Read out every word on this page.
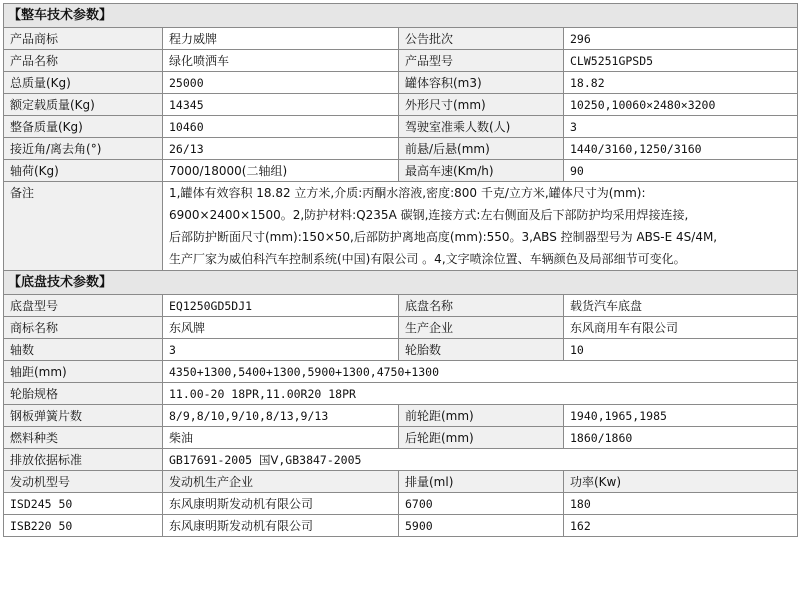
【整车技术参数】			
产品商标	程力威牌	公告批次	296
产品名称	绿化喷洒车	产品型号	CLW5251GPSD5
总质量(Kg)	25000	罐体容积(m3)	18.82
额定载质量(Kg)	14345	外形尺寸(mm)	10250,10060×2480×3200
整备质量(Kg)	10460	驾驶室准乘人数(人)	3
接近角/离去角(°)	26/13	前悬/后悬(mm)	1440/3160,1250/3160
轴荷(Kg)	7000/18000(二轴组)	最高车速(Km/h)	90
备注	1,罐体有效容积 18.82 立方米,介质:丙酮水溶液,密度:800 千克/立方米,罐体尺寸为(mm):
6900×2400×1500。2,防护材料:Q235A 碳钢,连接方式:左右侧面及后下部防护均采用焊接连接,
后部防护断面尺寸(mm):150×50,后部防护离地高度(mm):550。3,ABS 控制器型号为 ABS-E 4S/4M,
生产厂家为威伯科汽车控制系统(中国)有限公司 。4,文字喷涂位置、车辆颜色及局部细节可变化。		

【底盘技术参数】			
底盘型号	EQ1250GD5DJ1	底盘名称	载货汽车底盘
商标名称	东风牌	生产企业	东风商用车有限公司
轴数	3	轮胎数	10
轴距(mm)	4350+1300,5400+1300,5900+1300,4750+1300		
轮胎规格	11.00-20 18PR,11.00R20 18PR		
钢板弹簧片数	8/9,8/10,9/10,8/13,9/13	前轮距(mm)	1940,1965,1985
燃料种类	柴油	后轮距(mm)	1860/1860
排放依据标准	GB17691-2005 国Ⅴ,GB3847-2005		
发动机型号	发动机生产企业	排量(ml)	功率(Kw)
ISD245 50	东风康明斯发动机有限公司	6700	180
ISB220 50	东风康明斯发动机有限公司	5900	162
